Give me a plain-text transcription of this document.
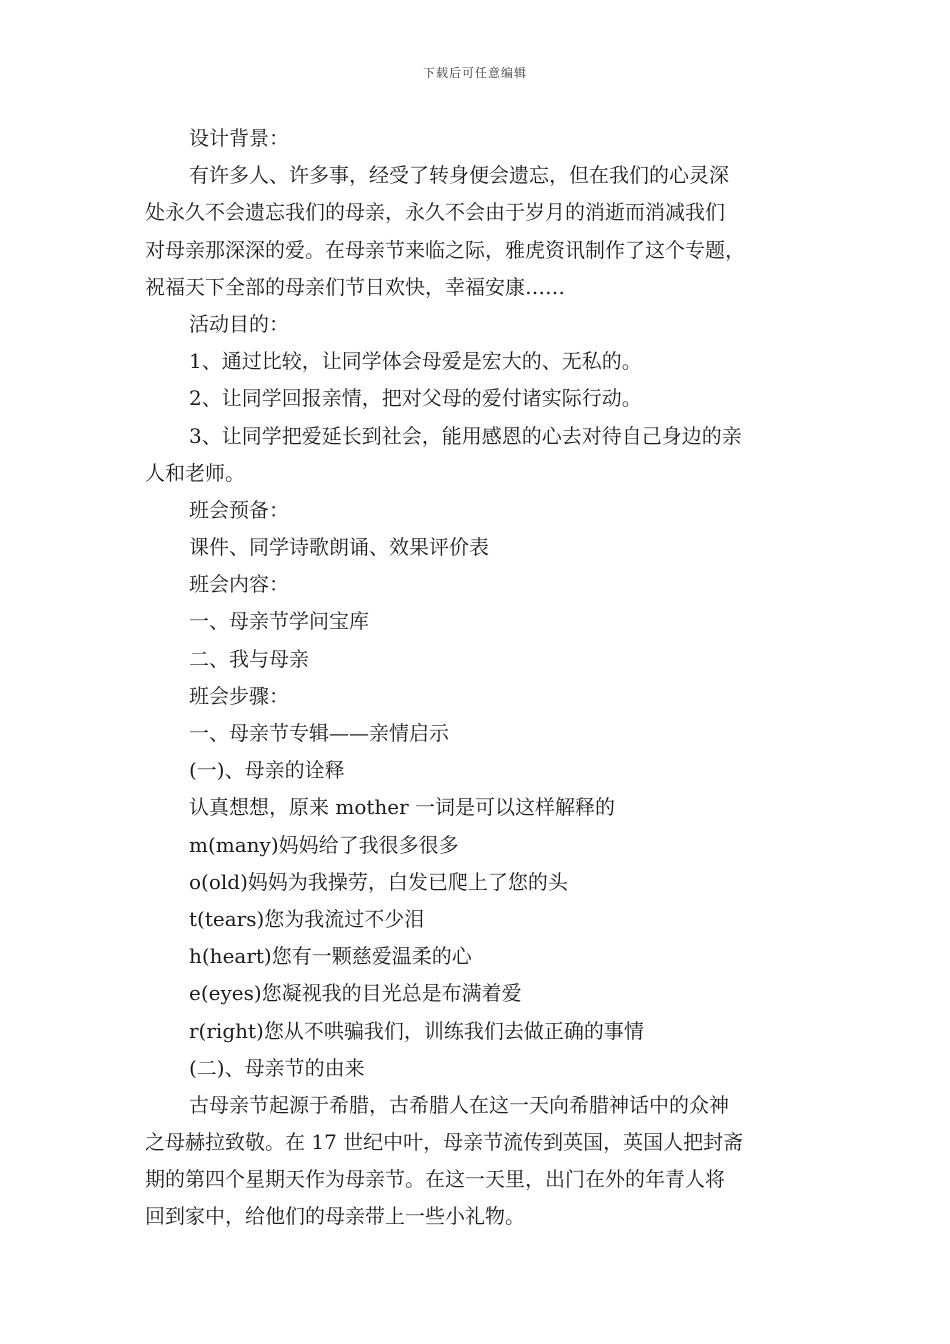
下载后可任意编辑
设计背景：
有许多人、许多事，经受了转身便会遗忘，但在我们的心灵深
处永久不会遗忘我们的母亲，永久不会由于岁月的消逝而消减我们
对母亲那深深的爱。在母亲节来临之际，雅虎资讯制作了这个专题，
祝福天下全部的母亲们节日欢快，幸福安康……
活动目的：
1、通过比较，让同学体会母爱是宏大的、无私的。
2、让同学回报亲情，把对父母的爱付诸实际行动。
3、让同学把爱延长到社会，能用感恩的心去对待自己身边的亲
人和老师。
班会预备：
课件、同学诗歌朗诵、效果评价表
班会内容：
一、母亲节学问宝库
二、我与母亲
班会步骤：
一、母亲节专辑——亲情启示
(一)、母亲的诠释
认真想想，原来 mother 一词是可以这样解释的
m(many)妈妈给了我很多很多
o(old)妈妈为我操劳，白发已爬上了您的头
t(tears)您为我流过不少泪
h(heart)您有一颗慈爱温柔的心
e(eyes)您凝视我的目光总是布满着爱
r(right)您从不哄骗我们，训练我们去做正确的事情
(二)、母亲节的由来
古母亲节起源于希腊，古希腊人在这一天向希腊神话中的众神
之母赫拉致敬。在 17 世纪中叶，母亲节流传到英国，英国人把封斋
期的第四个星期天作为母亲节。在这一天里，出门在外的年青人将
回到家中，给他们的母亲带上一些小礼物。
